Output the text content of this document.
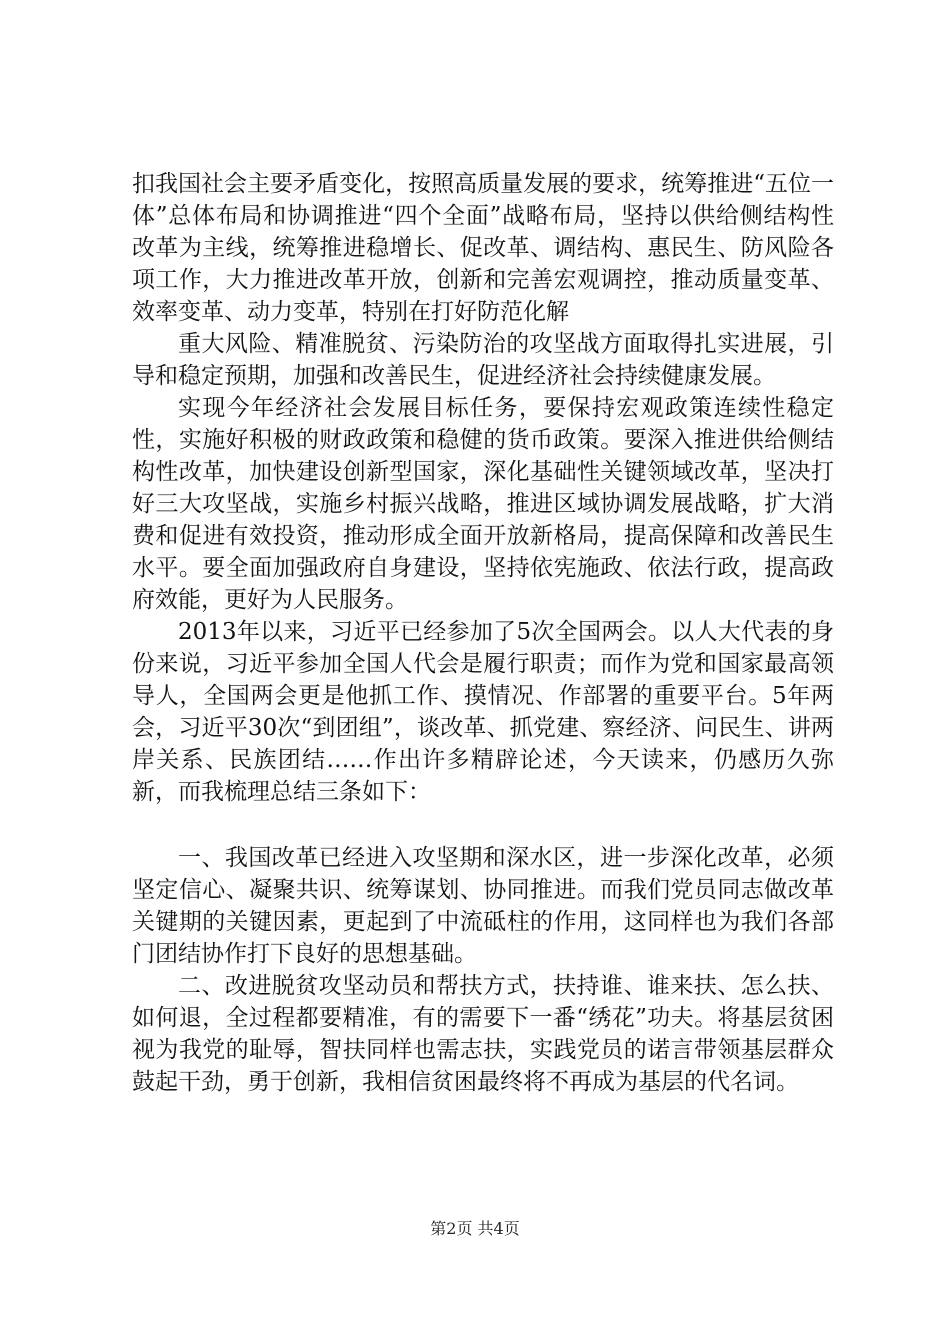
扣我国社会主要矛盾变化，按照高质量发展的要求，统筹推进“五位一体”总体布局和协调推进“四个全面”战略布局，坚持以供给侧结构性改革为主线，统筹推进稳增长、促改革、调结构、惠民生、防风险各项工作，大力推进改革开放，创新和完善宏观调控，推动质量变革、效率变革、动力变革，特别在打好防范化解

重大风险、精准脱贫、污染防治的攻坚战方面取得扎实进展，引导和稳定预期，加强和改善民生，促进经济社会持续健康发展。

实现今年经济社会发展目标任务，要保持宏观政策连续性稳定性，实施好积极的财政政策和稳健的货币政策。要深入推进供给侧结构性改革，加快建设创新型国家，深化基础性关键领域改革，坚决打好三大攻坚战，实施乡村振兴战略，推进区域协调发展战略，扩大消费和促进有效投资，推动形成全面开放新格局，提高保障和改善民生水平。要全面加强政府自身建设，坚持依宪施政、依法行政，提高政府效能，更好为人民服务。

2013年以来，习近平已经参加了5次全国两会。以人大代表的身份来说，习近平参加全国人代会是履行职责；而作为党和国家最高领导人，全国两会更是他抓工作、摸情况、作部署的重要平台。5年两会，习近平30次“到团组”，谈改革、抓党建、察经济、问民生、讲两岸关系、民族团结……作出许多精辟论述，今天读来，仍感历久弥新，而我梳理总结三条如下：

一、我国改革已经进入攻坚期和深水区，进一步深化改革，必须坚定信心、凝聚共识、统筹谋划、协同推进。而我们党员同志做改革关键期的关键因素，更起到了中流砥柱的作用，这同样也为我们各部门团结协作打下良好的思想基础。

二、改进脱贫攻坚动员和帮扶方式，扶持谁、谁来扶、怎么扶、如何退，全过程都要精准，有的需要下一番“绣花”功夫。将基层贫困视为我党的耻辱，智扶同样也需志扶，实践党员的诺言带领基层群众鼓起干劲，勇于创新，我相信贫困最终将不再成为基层的代名词。

第2页 共4页
